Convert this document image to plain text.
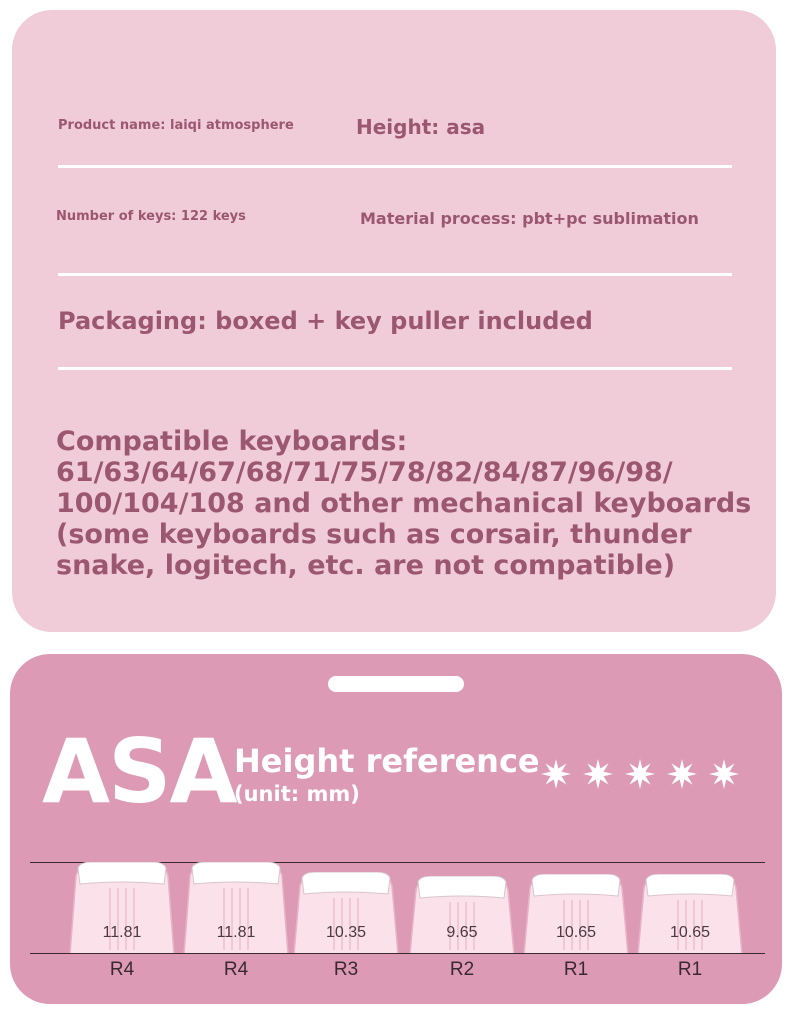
Product name: laiqi atmosphere	Height: asa
Number of keys: 122 keys	Material process: pbt+pc sublimation
Packaging: boxed + key puller included
Compatible keyboards:
61/63/64/67/68/71/75/78/82/84/87/96/98/
100/104/108 and other mechanical keyboards
(some keyboards such as corsair, thunder
snake, logitech, etc. are not compatible)
ASA
Height reference
(unit: mm)
11.81
R4
11.81
R4
10.35
R3
9.65
R2
10.65
R1
10.65
R1
